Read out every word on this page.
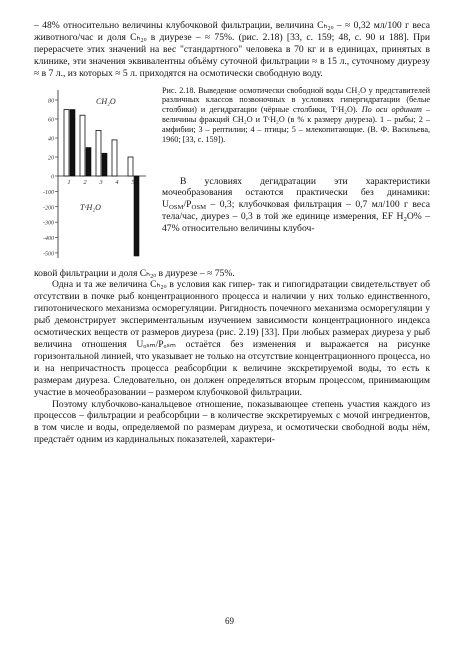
– 48% относительно величины клубочковой фильтрации, величина Cₕ₂ₒ – ≈ 0,32 мл/100 г веса животного/час и доля Cₕ₂ₒ в диурезе – ≈ 75%. (рис. 2.18) [33, с. 159; 48, с. 90 и 188]. При перерасчете этих значений на вес "стандартного" человека в 70 кг и в единицах, принятых в клинике, эти значения эквивалентны объёму суточной фильтрации ≈ в 15 л., суточному диурезу ≈ в 7 л., из которых ≈ 5 л. приходятся на осмотически свободную воду.

80
60
40
20
0
-100
-200
-300
-400
-500
1 2 3 4 5
CH₂O
TᶜH₂O
Рис. 2.18. Выведение осмотически свободной воды CH₂O у представителей различных классов позвоночных в условиях гипергидратации (белые столбики) и дегидратации (чёрные столбики, TᶜH₂O). По оси ординат – величины фракций CH₂O и TᶜH₂O (в % к размеру диуреза). 1 – рыбы; 2 – амфибии; 3 – рептилии; 4 – птицы; 5 – млекопитающие. (В. Ф. Васильева, 1960; [33, с. 159]).
В условиях дегидратации эти характеристики мочеобразования остаются практически без динамики: $U_{OSM}/P_{OSM} - 0,3$; клубочковая фильтрация – 0,7 мл/100 г веса тела/час, диурез – 0,3 в той же единице измерения, EF $H_2O\% - 47\%$ относительно величины клубоч-

ковой фильтрации и доля Cₕ₂ₒ в диурезе – ≈ 75%.

Одна и та же величина Cₕ₂ₒ в условия как гипер- так и гипогидратации свидетельствует об отсутствии в почке рыб концентрационного процесса и наличии у них только единственного, гипотонического механизма осморегуляции. Ригидность почечного механизма осморегуляции у рыб демонстрирует экспериментальным изучением зависимости концентрационного индекса осмотических веществ от размеров диуреза (рис. 2.19) [33]. При любых размерах диуреза у рыб величина отношения Uₒₛₘ/Pₒₛₘ остаётся без изменения и выражается на рисунке горизонтальной линией, что указывает не только на отсутствие концентрационного процесса, но и на непричастность процесса реабсорбции к величине экскретируемой воды, то есть к размерам диуреза. Следовательно, он должен определяться вторым процессом, принимающим участие в мочеобразовании – размером клубочковой фильтрации.

Поэтому клубочково-канальцевое отношение, показывающее степень участия каждого из процессов – фильтрации и реабсорбции – в количестве экскретируемых с мочой ингредиентов, в том числе и воды, определяемой по размерам диуреза, и осмотически свободной воды нём, предстаёт одним из кардинальных показателей, характери-

69
